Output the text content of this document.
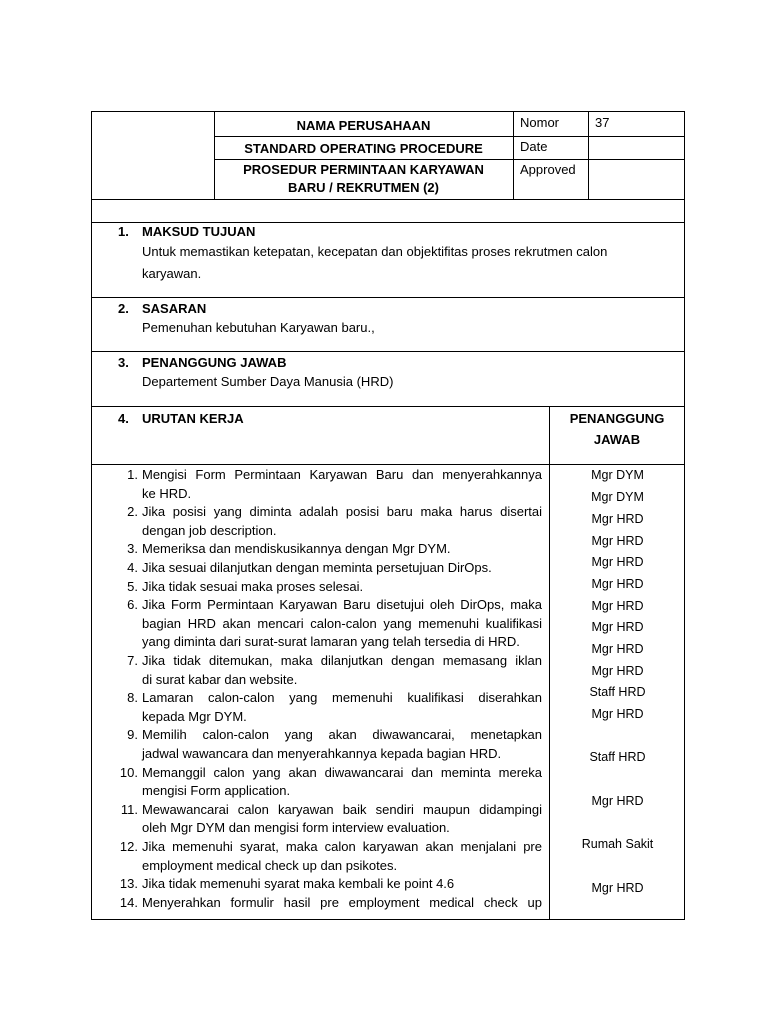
NAMA PERUSAHAAN
STANDARD OPERATING PROCEDURE
PROSEDUR PERMINTAAN KARYAWAN
BARU / REKRUTMEN (2)
Nomor	37
Date
Approved
1. MAKSUD TUJUAN
Untuk memastikan ketepatan, kecepatan dan objektifitas proses rekrutmen calon
karyawan.
2. SASARAN
Pemenuhan kebutuhan Karyawan baru.,
3. PENANGGUNG JAWAB
Departement Sumber Daya Manusia (HRD)
4. URUTAN KERJA	PENANGGUNG
JAWAB
1. Mengisi Form Permintaan Karyawan Baru dan menyerahkannya
ke HRD.
2. Jika posisi yang diminta adalah posisi baru maka harus disertai
dengan job description.
3. Memeriksa dan mendiskusikannya dengan Mgr DYM.
4. Jika sesuai dilanjutkan dengan meminta persetujuan DirOps.
5. Jika tidak sesuai maka proses selesai.
6. Jika Form Permintaan Karyawan Baru disetujui oleh DirOps, maka
bagian HRD akan mencari calon-calon yang memenuhi kualifikasi
yang diminta dari surat-surat lamaran yang telah tersedia di HRD.
7. Jika tidak ditemukan, maka dilanjutkan dengan memasang iklan
di surat kabar dan website.
8. Lamaran calon-calon yang memenuhi kualifikasi diserahkan
kepada Mgr DYM.
9. Memilih calon-calon yang akan diwawancarai, menetapkan
jadwal wawancara dan menyerahkannya kepada bagian HRD.
10. Memanggil calon yang akan diwawancarai dan meminta mereka
mengisi Form application.
11. Mewawancarai calon karyawan baik sendiri maupun didampingi
oleh Mgr DYM dan mengisi form interview evaluation.
12. Jika memenuhi syarat, maka calon karyawan akan menjalani pre
employment medical check up dan psikotes.
13. Jika tidak memenuhi syarat maka kembali ke point 4.6
14. Menyerahkan formulir hasil pre employment medical check up
Mgr DYM
Mgr DYM
Mgr HRD
Mgr HRD
Mgr HRD
Mgr HRD
Mgr HRD
Mgr HRD
Mgr HRD
Mgr HRD
Staff HRD
Mgr HRD
Staff HRD
Mgr HRD
Rumah Sakit
Mgr HRD
